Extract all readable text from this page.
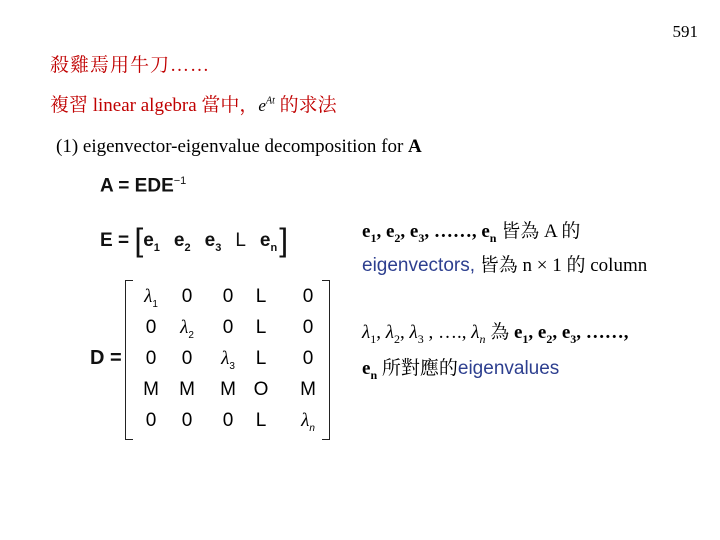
591
殺雞焉用牛刀……
複習 linear algebra 當中，$e^{At}$ 的求法
(1) eigenvector-eigenvalue decomposition for A
$A = EDE^{-1}$
$E = [e_1$ $e_2$ $e_3$ L $e_n$]	$e_1$, $e_2$, $e_3$, ……, $e_n$ 皆為 A 的
eigenvectors, 皆為 n × 1 的 column
D =
$\lambda_1$	0	0	L	0
0	$\lambda_2$	0	L	0
0	0	$\lambda_3$	L	0
M	M	M O	M
0	0	0	L	$\lambda_n$
$\lambda_1$, $\lambda_2$, $\lambda_3$ , …., $\lambda_n$ 為 $e_1$, $e_2$, $e_3$, ……,
$e_n$ 所對應的eigenvalues
